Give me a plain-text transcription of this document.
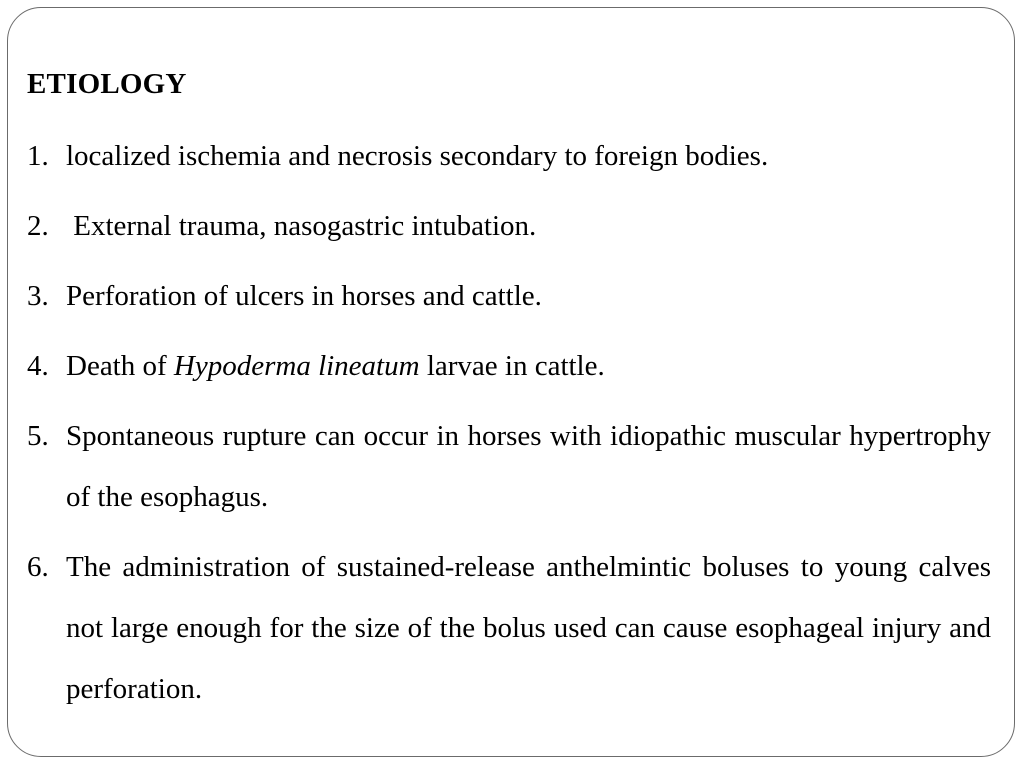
ETIOLOGY
1. localized ischemia and necrosis secondary to foreign bodies.
2. External trauma, nasogastric intubation.
3. Perforation of ulcers in horses and cattle.
4. Death of Hypoderma lineatum larvae in cattle.
5. Spontaneous rupture can occur in horses with idiopathic muscular hypertrophy of the esophagus.
6. The administration of sustained-release anthelmintic boluses to young calves not large enough for the size of the bolus used can cause esophageal injury and perforation.
